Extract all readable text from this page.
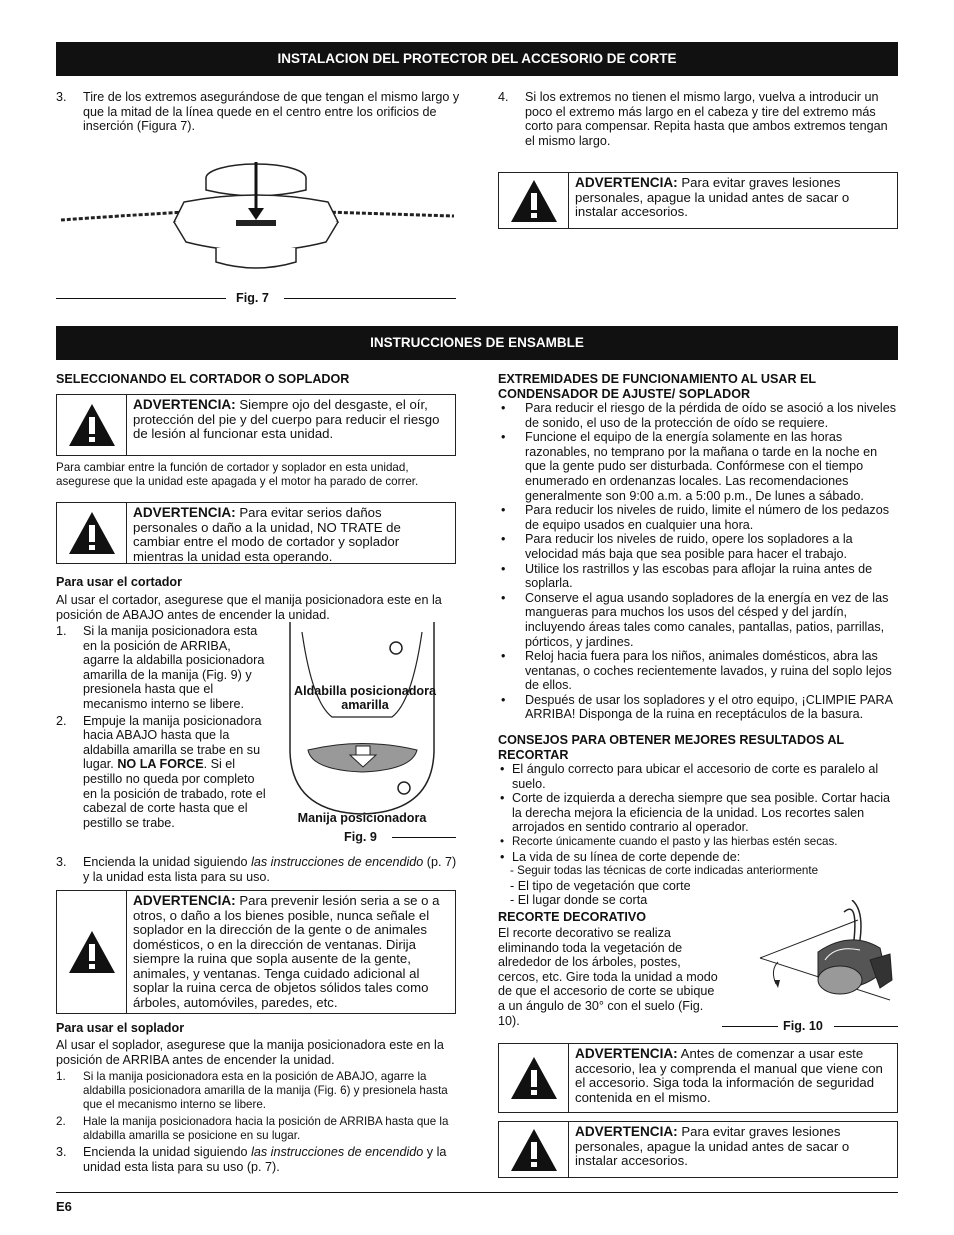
INSTALACION DEL PROTECTOR DEL ACCESORIO DE CORTE
3. Tire de los extremos asegurándose de que tengan el mismo largo y que la mitad de la línea quede en el centro entre los orificios de inserción (Figura 7).
Fig. 7
4. Si los extremos no tienen el mismo largo, vuelva a introducir un poco el extremo más largo en el cabeza y tire del extremo más corto para compensar. Repita hasta que ambos extremos tengan el mismo largo.
ADVERTENCIA: Para evitar graves lesiones personales, apague la unidad antes de sacar o instalar accesorios.
INSTRUCCIONES DE ENSAMBLE
SELECCIONANDO EL CORTADOR O SOPLADOR
ADVERTENCIA: Siempre ojo del desgaste, el oír, protección del pie y del cuerpo para reducir el riesgo de lesión al funcionar esta unidad.
Para cambiar entre la función de cortador y soplador en esta unidad, asegurese que la unidad este apagada y el motor ha parado de correr.
ADVERTENCIA: Para evitar serios daños personales o daño a la unidad, NO TRATE de cambiar entre el modo de cortador y soplador mientras la unidad esta operando.
Para usar el cortador
Al usar el cortador, asegurese que el manija posicionadora este en la posición de ABAJO antes de encender la unidad.
1. Si la manija posicionadora esta en la posición de ARRIBA, agarre la aldabilla posicionadora amarilla de la manija (Fig. 9) y presionela hasta que el mecanismo interno se libere.
2. Empuje la manija posicionadora hacia ABAJO hasta que la aldabilla amarilla se trabe en su lugar. NO LA FORCE. Si el pestillo no queda por completo en la posición de trabado, rote el cabezal de corte hasta que el pestillo se trabe.
3. Encienda la unidad siguiendo las instrucciones de encendido (p. 7) y la unidad esta lista para su uso.
Aldabilla posicionadora amarilla
Manija posicionadora
Fig. 9
ADVERTENCIA: Para prevenir lesión seria a se o a otros, o daño a los bienes posible, nunca señale el soplador en la dirección de la gente o de animales domésticos, o en la dirección de ventanas. Dirija siempre la ruina que sopla ausente de la gente, animales, y ventanas. Tenga cuidado adicional al soplar la ruina cerca de objetos sólidos tales como árboles, automóviles, paredes, etc.
Para usar el soplador
Al usar el soplador, asegurese que la manija posicionadora este en la posición de ARRIBA antes de encender la unidad.
1. Si la manija posicionadora esta en la posición de ABAJO, agarre la aldabilla posicionadora amarilla de la manija (Fig. 6) y presionela hasta que el mecanismo interno se libere.
2. Hale la manija posicionadora hacia la posición de ARRIBA hasta que la aldabilla amarilla se posicione en su lugar.
3. Encienda la unidad siguiendo las instrucciones de encendido y la unidad esta lista para su uso (p. 7).
EXTREMIDADES DE FUNCIONAMIENTO AL USAR EL CONDENSADOR DE AJUSTE/ SOPLADOR
• Para reducir el riesgo de la pérdida de oído se asoció a los niveles de sonido, el uso de la protección de oído se requiere.
• Funcione el equipo de la energía solamente en las horas razonables, no temprano por la mañana o tarde en la noche en que la gente pudo ser disturbada. Confórmese con el tiempo enumerado en ordenanzas locales. Las recomendaciones generalmente son 9:00 a.m. a 5:00 p.m., De lunes a sábado.
• Para reducir los niveles de ruido, limite el número de los pedazos de equipo usados en cualquier una hora.
• Para reducir los niveles de ruido, opere los sopladores a la velocidad más baja que sea posible para hacer el trabajo.
• Utilice los rastrillos y las escobas para aflojar la ruina antes de soplarla.
• Conserve el agua usando sopladores de la energía en vez de las mangueras para muchos los usos del césped y del jardín, incluyendo áreas tales como canales, pantallas, patios, parrillas, pórticos, y jardines.
• Reloj hacia fuera para los niños, animales domésticos, abra las ventanas, o coches recientemente lavados, y ruina del soplo lejos de ellos.
• Después de usar los sopladores y el otro equipo, ¡CLIMPIE PARA ARRIBA! Disponga de la ruina en receptáculos de la basura.
CONSEJOS PARA OBTENER MEJORES RESULTADOS AL RECORTAR
• El ángulo correcto para ubicar el accesorio de corte es paralelo al suelo.
• Corte de izquierda a derecha siempre que sea posible. Cortar hacia la derecha mejora la eficiencia de la unidad. Los recortes salen arrojados en sentido contrario al operador.
• Recorte únicamente cuando el pasto y las hierbas estén secas.
• La vida de su línea de corte depende de:
- Seguir todas las técnicas de corte indicadas anteriormente
- El tipo de vegetación que corte
- El lugar donde se corta
RECORTE DECORATIVO
El recorte decorativo se realiza eliminando toda la vegetación de alrededor de los árboles, postes, cercos, etc. Gire toda la unidad a modo de que el accesorio de corte se ubique a un ángulo de 30° con el suelo (Fig. 10).	Fig. 10
ADVERTENCIA: Antes de comenzar a usar este accesorio, lea y comprenda el manual que viene con el accesorio. Siga toda la información de seguridad contenida en el mismo.
ADVERTENCIA: Para evitar graves lesiones personales, apague la unidad antes de sacar o instalar accesorios.
E6
